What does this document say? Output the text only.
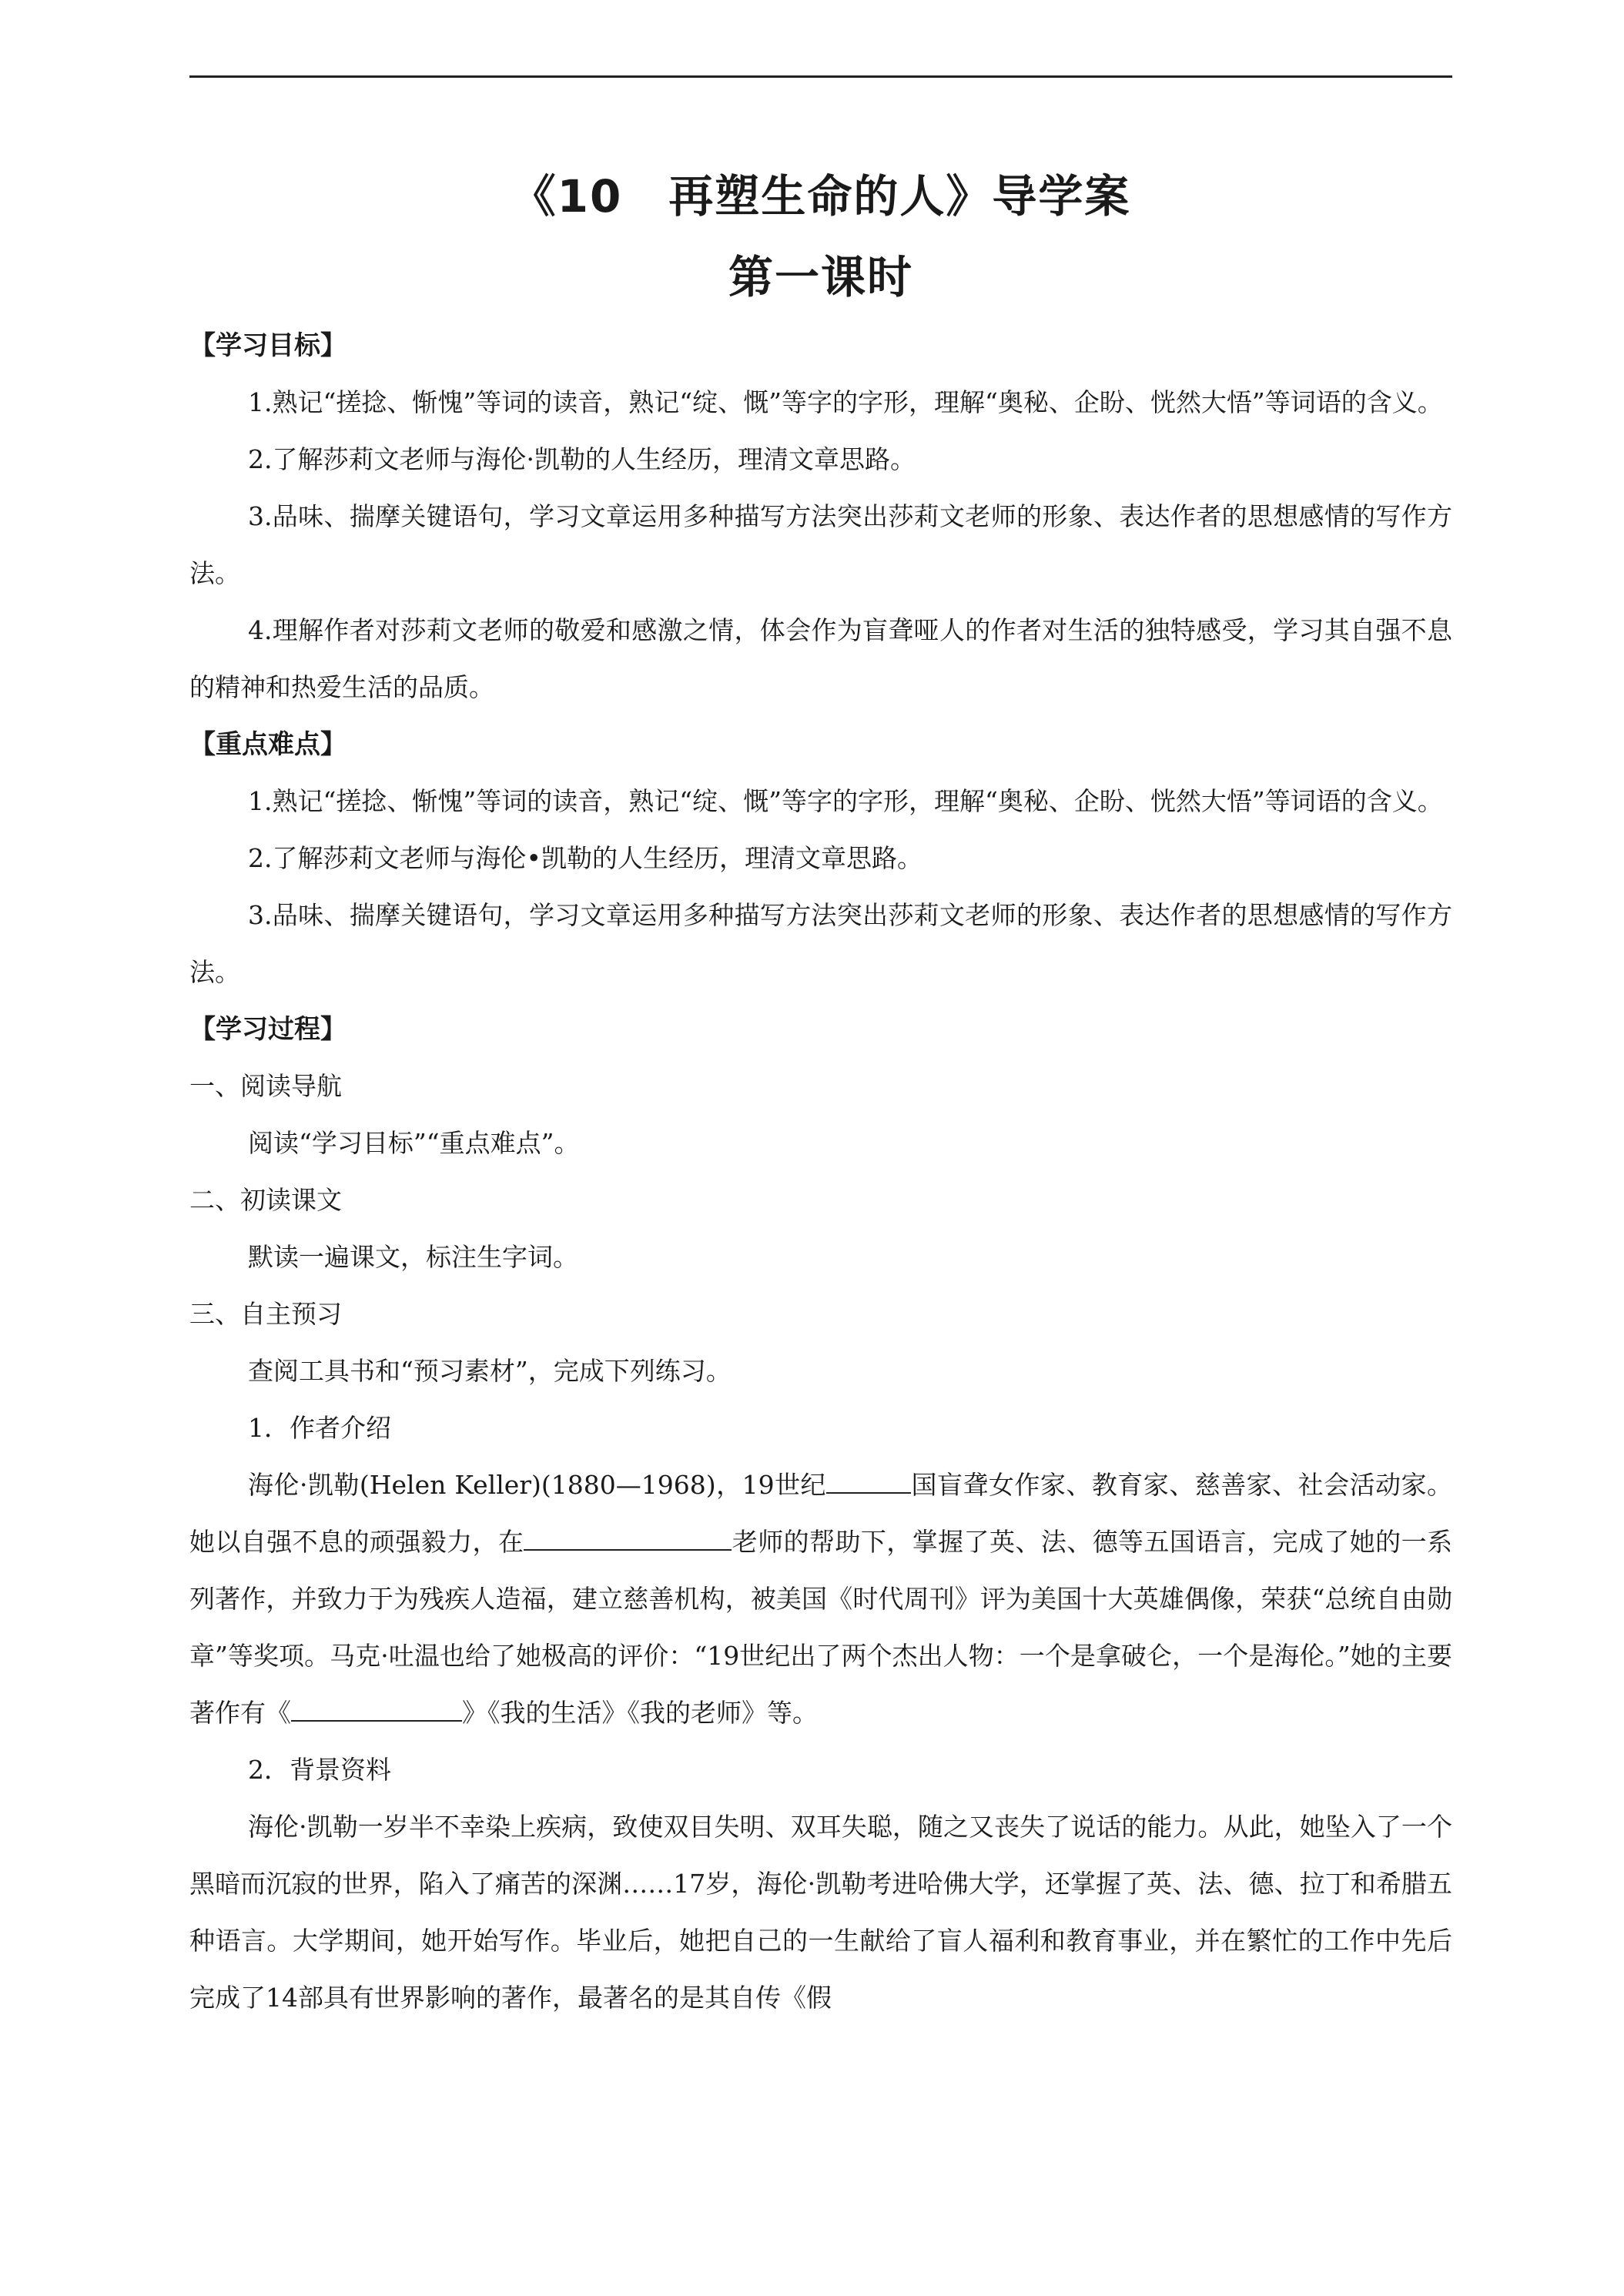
《10　再塑生命的人》导学案
第一课时

【学习目标】

1.熟记“搓捻、惭愧”等词的读音，熟记“绽、慨”等字的字形，理解“奥秘、企盼、恍然大悟”等词语的含义。

2.了解莎莉文老师与海伦·凯勒的人生经历，理清文章思路。

3.品味、揣摩关键语句，学习文章运用多种描写方法突出莎莉文老师的形象、表达作者的思想感情的写作方法。

4.理解作者对莎莉文老师的敬爱和感激之情，体会作为盲聋哑人的作者对生活的独特感受，学习其自强不息的精神和热爱生活的品质。

【重点难点】

1.熟记“搓捻、惭愧”等词的读音，熟记“绽、慨”等字的字形，理解“奥秘、企盼、恍然大悟”等词语的含义。

2.了解莎莉文老师与海伦•凯勒的人生经历，理清文章思路。

3.品味、揣摩关键语句，学习文章运用多种描写方法突出莎莉文老师的形象、表达作者的思想感情的写作方法。

【学习过程】

一、阅读导航

阅读“学习目标”“重点难点”。

二、初读课文

默读一遍课文，标注生字词。

三、自主预习

查阅工具书和“预习素材”，完成下列练习。

1．作者介绍

海伦·凯勒(Helen Keller)(1880—1968)，19世纪	国盲聋女作家、教育家、慈善家、社会活动家。她以自强不息的顽强毅力，在	老师的帮助下，掌握了英、法、德等五国语言，完成了她的一系列著作，并致力于为残疾人造福，建立慈善机构，被美国《时代周刊》评为美国十大英雄偶像，荣获“总统自由勋章”等奖项。马克·吐温也给了她极高的评价：“19世纪出了两个杰出人物：一个是拿破仑，一个是海伦。”她的主要著作有《	》《我的生活》《我的老师》等。

2．背景资料

海伦·凯勒一岁半不幸染上疾病，致使双目失明、双耳失聪，随之又丧失了说话的能力。从此，她坠入了一个黑暗而沉寂的世界，陷入了痛苦的深渊……17岁，海伦·凯勒考进哈佛大学，还掌握了英、法、德、拉丁和希腊五种语言。大学期间，她开始写作。毕业后，她把自己的一生献给了盲人福利和教育事业，并在繁忙的工作中先后完成了14部具有世界影响的著作，最著名的是其自传《假
